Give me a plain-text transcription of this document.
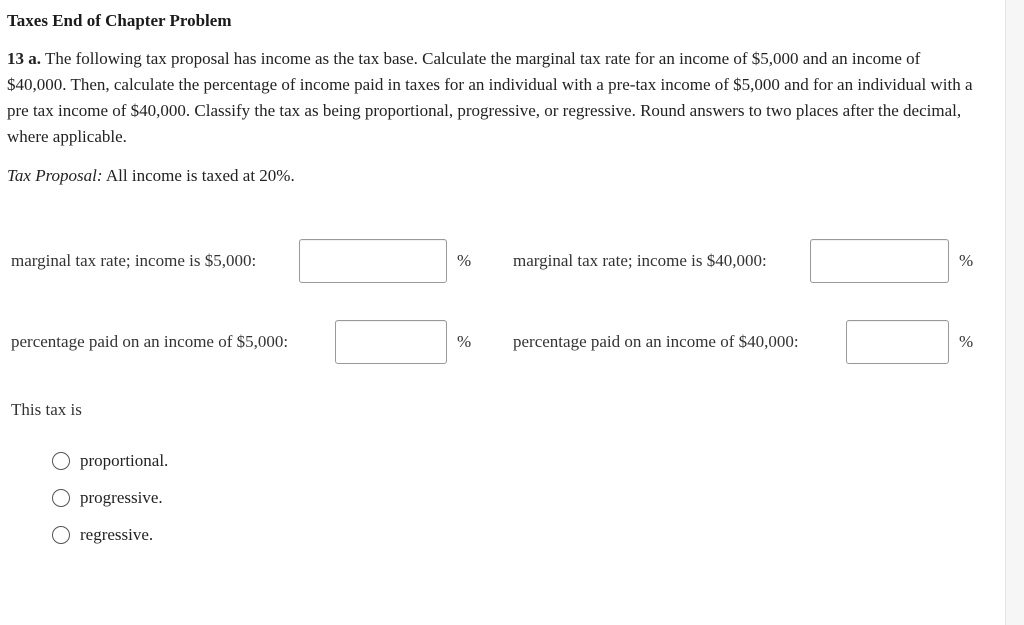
Taxes End of Chapter Problem
13 a. The following tax proposal has income as the tax base. Calculate the marginal tax rate for an income of $5,000 and an income of $40,000. Then, calculate the percentage of income paid in taxes for an individual with a pre-tax income of $5,000 and for an individual with a pre tax income of $40,000. Classify the tax as being proportional, progressive, or regressive. Round answers to two places after the decimal, where applicable.
Tax Proposal: All income is taxed at 20%.
marginal tax rate; income is $5,000:	% marginal tax rate; income is $40,000:	%
percentage paid on an income of $5,000:	% percentage paid on an income of $40,000:	%
This tax is
proportional.
progressive.
regressive.
